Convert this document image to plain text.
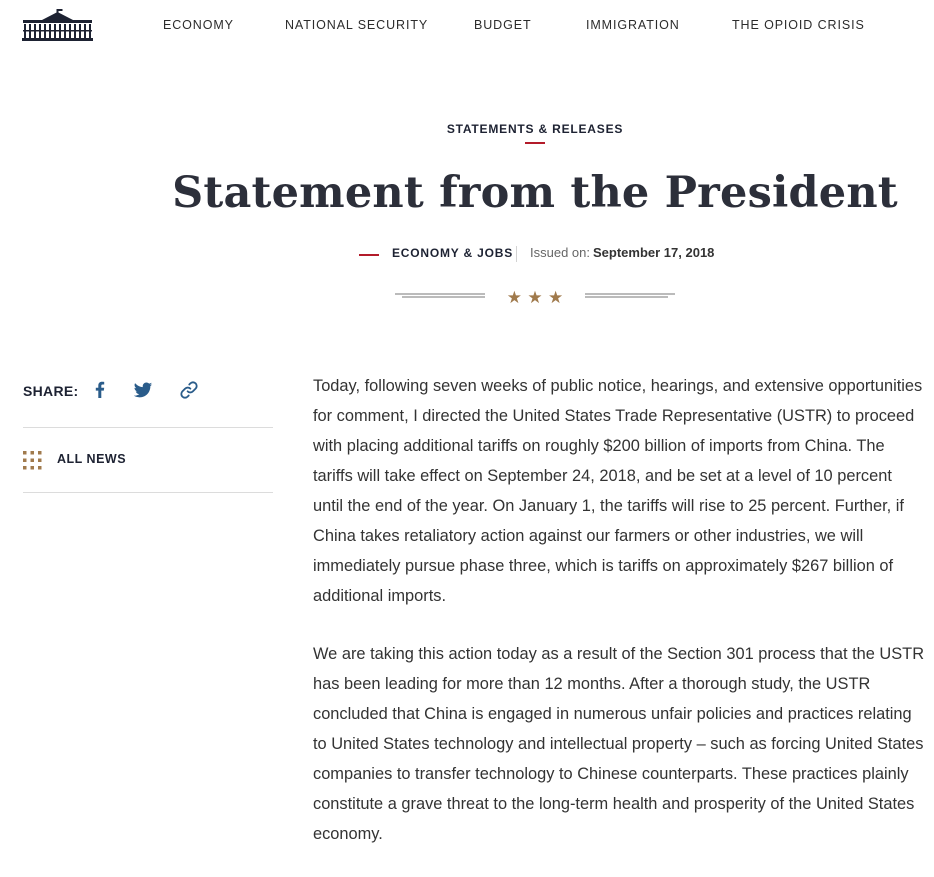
ECONOMY	NATIONAL SECURITY	BUDGET	IMMIGRATION	THE OPIOID CRISIS
STATEMENTS & RELEASES
Statement from the President
ECONOMY & JOBS Issued on: September 17, 2018
★ ★ ★
SHARE:
ALL NEWS

Today, following seven weeks of public notice, hearings, and extensive opportunities for comment, I directed the United States Trade Representative (USTR) to proceed with placing additional tariffs on roughly $200 billion of imports from China. The tariffs will take effect on September 24, 2018, and be set at a level of 10 percent until the end of the year. On January 1, the tariffs will rise to 25 percent. Further, if China takes retaliatory action against our farmers or other industries, we will immediately pursue phase three, which is tariffs on approximately $267 billion of additional imports.

We are taking this action today as a result of the Section 301 process that the USTR has been leading for more than 12 months. After a thorough study, the USTR concluded that China is engaged in numerous unfair policies and practices relating to United States technology and intellectual property – such as forcing United States companies to transfer technology to Chinese counterparts. These practices plainly constitute a grave threat to the long-term health and prosperity of the United States economy.
